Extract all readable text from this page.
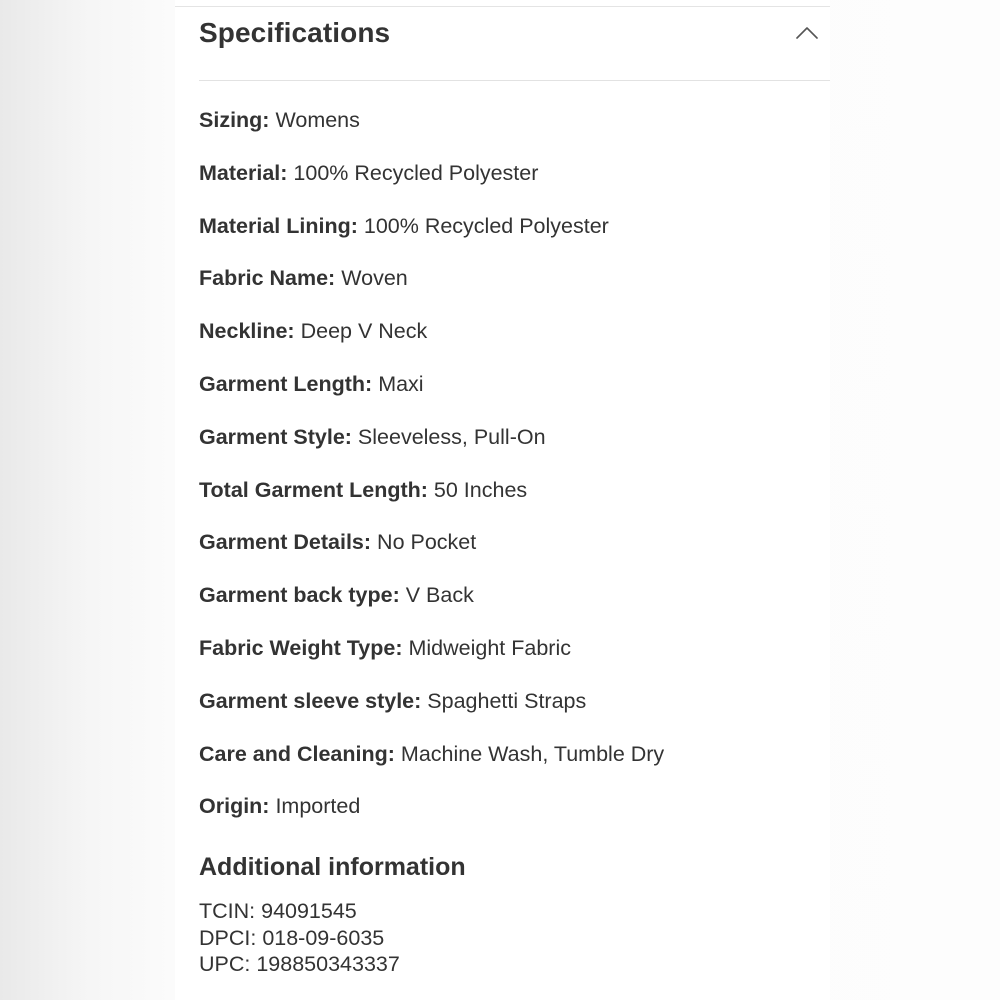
Specifications
Sizing: Womens
Material: 100% Recycled Polyester
Material Lining: 100% Recycled Polyester
Fabric Name: Woven
Neckline: Deep V Neck
Garment Length: Maxi
Garment Style: Sleeveless, Pull-On
Total Garment Length: 50 Inches
Garment Details: No Pocket
Garment back type: V Back
Fabric Weight Type: Midweight Fabric
Garment sleeve style: Spaghetti Straps
Care and Cleaning: Machine Wash, Tumble Dry
Origin: Imported
Additional information
TCIN: 94091545
DPCI: 018-09-6035
UPC: 198850343337
